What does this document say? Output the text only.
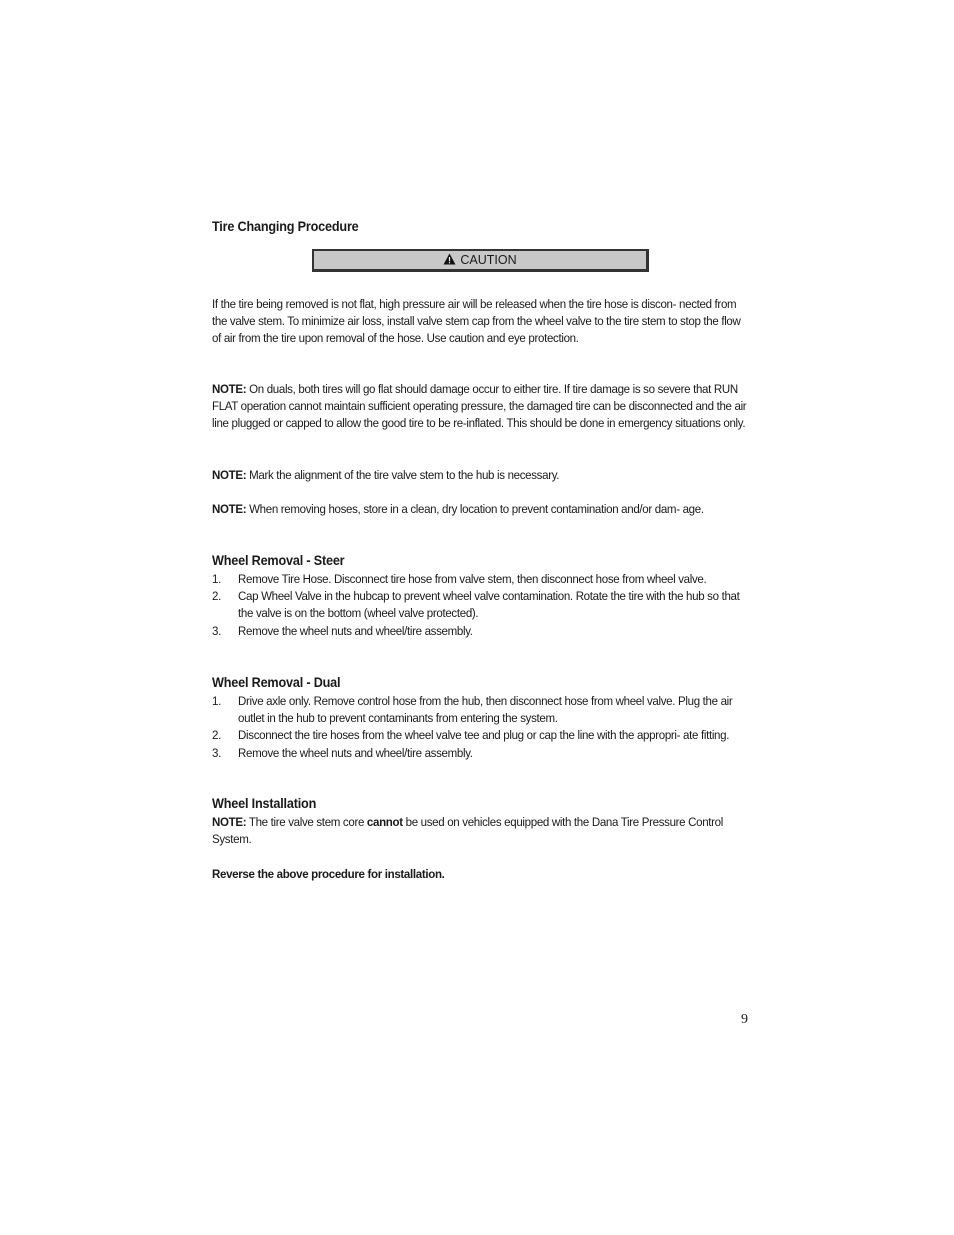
Tire Changing Procedure
CAUTION

If the tire being removed is not flat, high pressure air will be released when the tire hose is discon- nected from the valve stem. To minimize air loss, install valve stem cap from the wheel valve to the tire stem to stop the flow of air from the tire upon removal of the hose. Use caution and eye protection.

NOTE: On duals, both tires will go flat should damage occur to either tire. If tire damage is so severe that RUN FLAT operation cannot maintain sufficient operating pressure, the damaged tire can be disconnected and the air line plugged or capped to allow the good tire to be re-inflated. This should be done in emergency situations only.

NOTE: Mark the alignment of the tire valve stem to the hub is necessary.

NOTE: When removing hoses, store in a clean, dry location to prevent contamination and/or dam- age.

Wheel Removal - Steer
1.	Remove Tire Hose. Disconnect tire hose from valve stem, then disconnect hose from wheel valve.
2.	Cap Wheel Valve in the hubcap to prevent wheel valve contamination. Rotate the tire with the hub so that the valve is on the bottom (wheel valve protected).
3.	Remove the wheel nuts and wheel/tire assembly.
Wheel Removal - Dual
1.	Drive axle only. Remove control hose from the hub, then disconnect hose from wheel valve. Plug the air outlet in the hub to prevent contaminants from entering the system.
2.	Disconnect the tire hoses from the wheel valve tee and plug or cap the line with the appropri- ate fitting.
3.	Remove the wheel nuts and wheel/tire assembly.
Wheel Installation

NOTE: The tire valve stem core cannot be used on vehicles equipped with the Dana Tire Pressure Control System.

Reverse the above procedure for installation.
9
